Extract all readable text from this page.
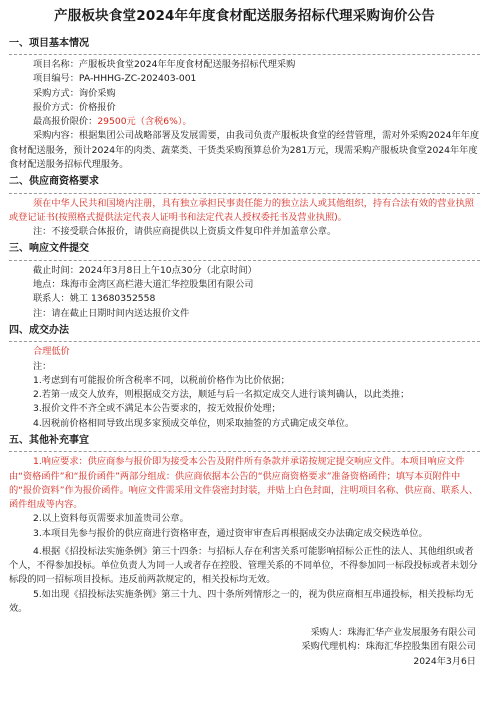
产服板块食堂2024年年度食材配送服务招标代理采购询价公告
一、项目基本情况
项目名称：产服板块食堂2024年年度食材配送服务招标代理采购
项目编号：PA-HHHG-ZC-202403-001
采购方式：询价采购
报价方式：价格报价
最高报价限价：29500元（含税6%）。
采购内容：根据集团公司战略部署及发展需要，由我司负责产服板块食堂的经营管理，需对外采购2024年年度食材配送服务，预计2024年的肉类、蔬菜类、干货类采购预算总价为281万元，现需采购产服板块食堂2024年年度食材配送服务招标代理服务。
二、供应商资格要求
须在中华人民共和国境内注册，具有独立承担民事责任能力的独立法人或其他组织，持有合法有效的营业执照或登记证书(按照格式提供法定代表人证明书和法定代表人授权委托书及营业执照)。
注：不接受联合体报价，请供应商提供以上资质文件复印件并加盖章公章。
三、响应文件提交
截止时间：2024年3月8日上午10点30分（北京时间）
地点：珠海市金湾区高栏港大道汇华控股集团有限公司
联系人：姚工 13680352558
注：请在截止日期时间内送达报价文件
四、成交办法
合理低价
注：
1.考虑到有可能报价所含税率不同，以税前价格作为比价依据；
2.若第一成交人放弃，则根据成交方法，顺延与后一名拟定成交人进行谈判确认，以此类推；
3.报价文件不齐全或不满足本公告要求的，按无效报价处理；
4.因税前价格相同导致出现多家预成交单位，则采取抽签的方式确定成交单位。
五、其他补充事宜
1.响应要求：供应商参与报价即为接受本公告及附件所有条款并承诺按规定提交响应文件。本项目响应文件由“资格函件”和“报价函件”两部分组成：供应商依据本公告的“供应商资格要求”准备资格函件；填写本页附件中的“报价资料”作为报价函件。响应文件需采用文件袋密封封装，并贴上白色封面，注明项目名称、供应商、联系人、函件组成等内容。
2.以上资料每页需要求加盖贵司公章。
3.本项目先参与报价的供应商进行资格审查，通过资审审查后再根据成交办法确定成交候选单位。
4.根据《招投标法实施条例》第三十四条：与招标人存在利害关系可能影响招标公正性的法人、其他组织或者个人，不得参加投标。单位负责人为同一人或者存在控股、管理关系的不同单位，不得参加同一标段投标或者未划分标段的同一招标项目投标。违反前两款规定的，相关投标均无效。
5.如出现《招投标法实施条例》第三十九、四十条所列情形之一的，视为供应商相互串通投标，相关投标均无效。
采购人：珠海汇华产业发展服务有限公司
采购代理机构：珠海汇华控股集团有限公司
2024年3月6日
